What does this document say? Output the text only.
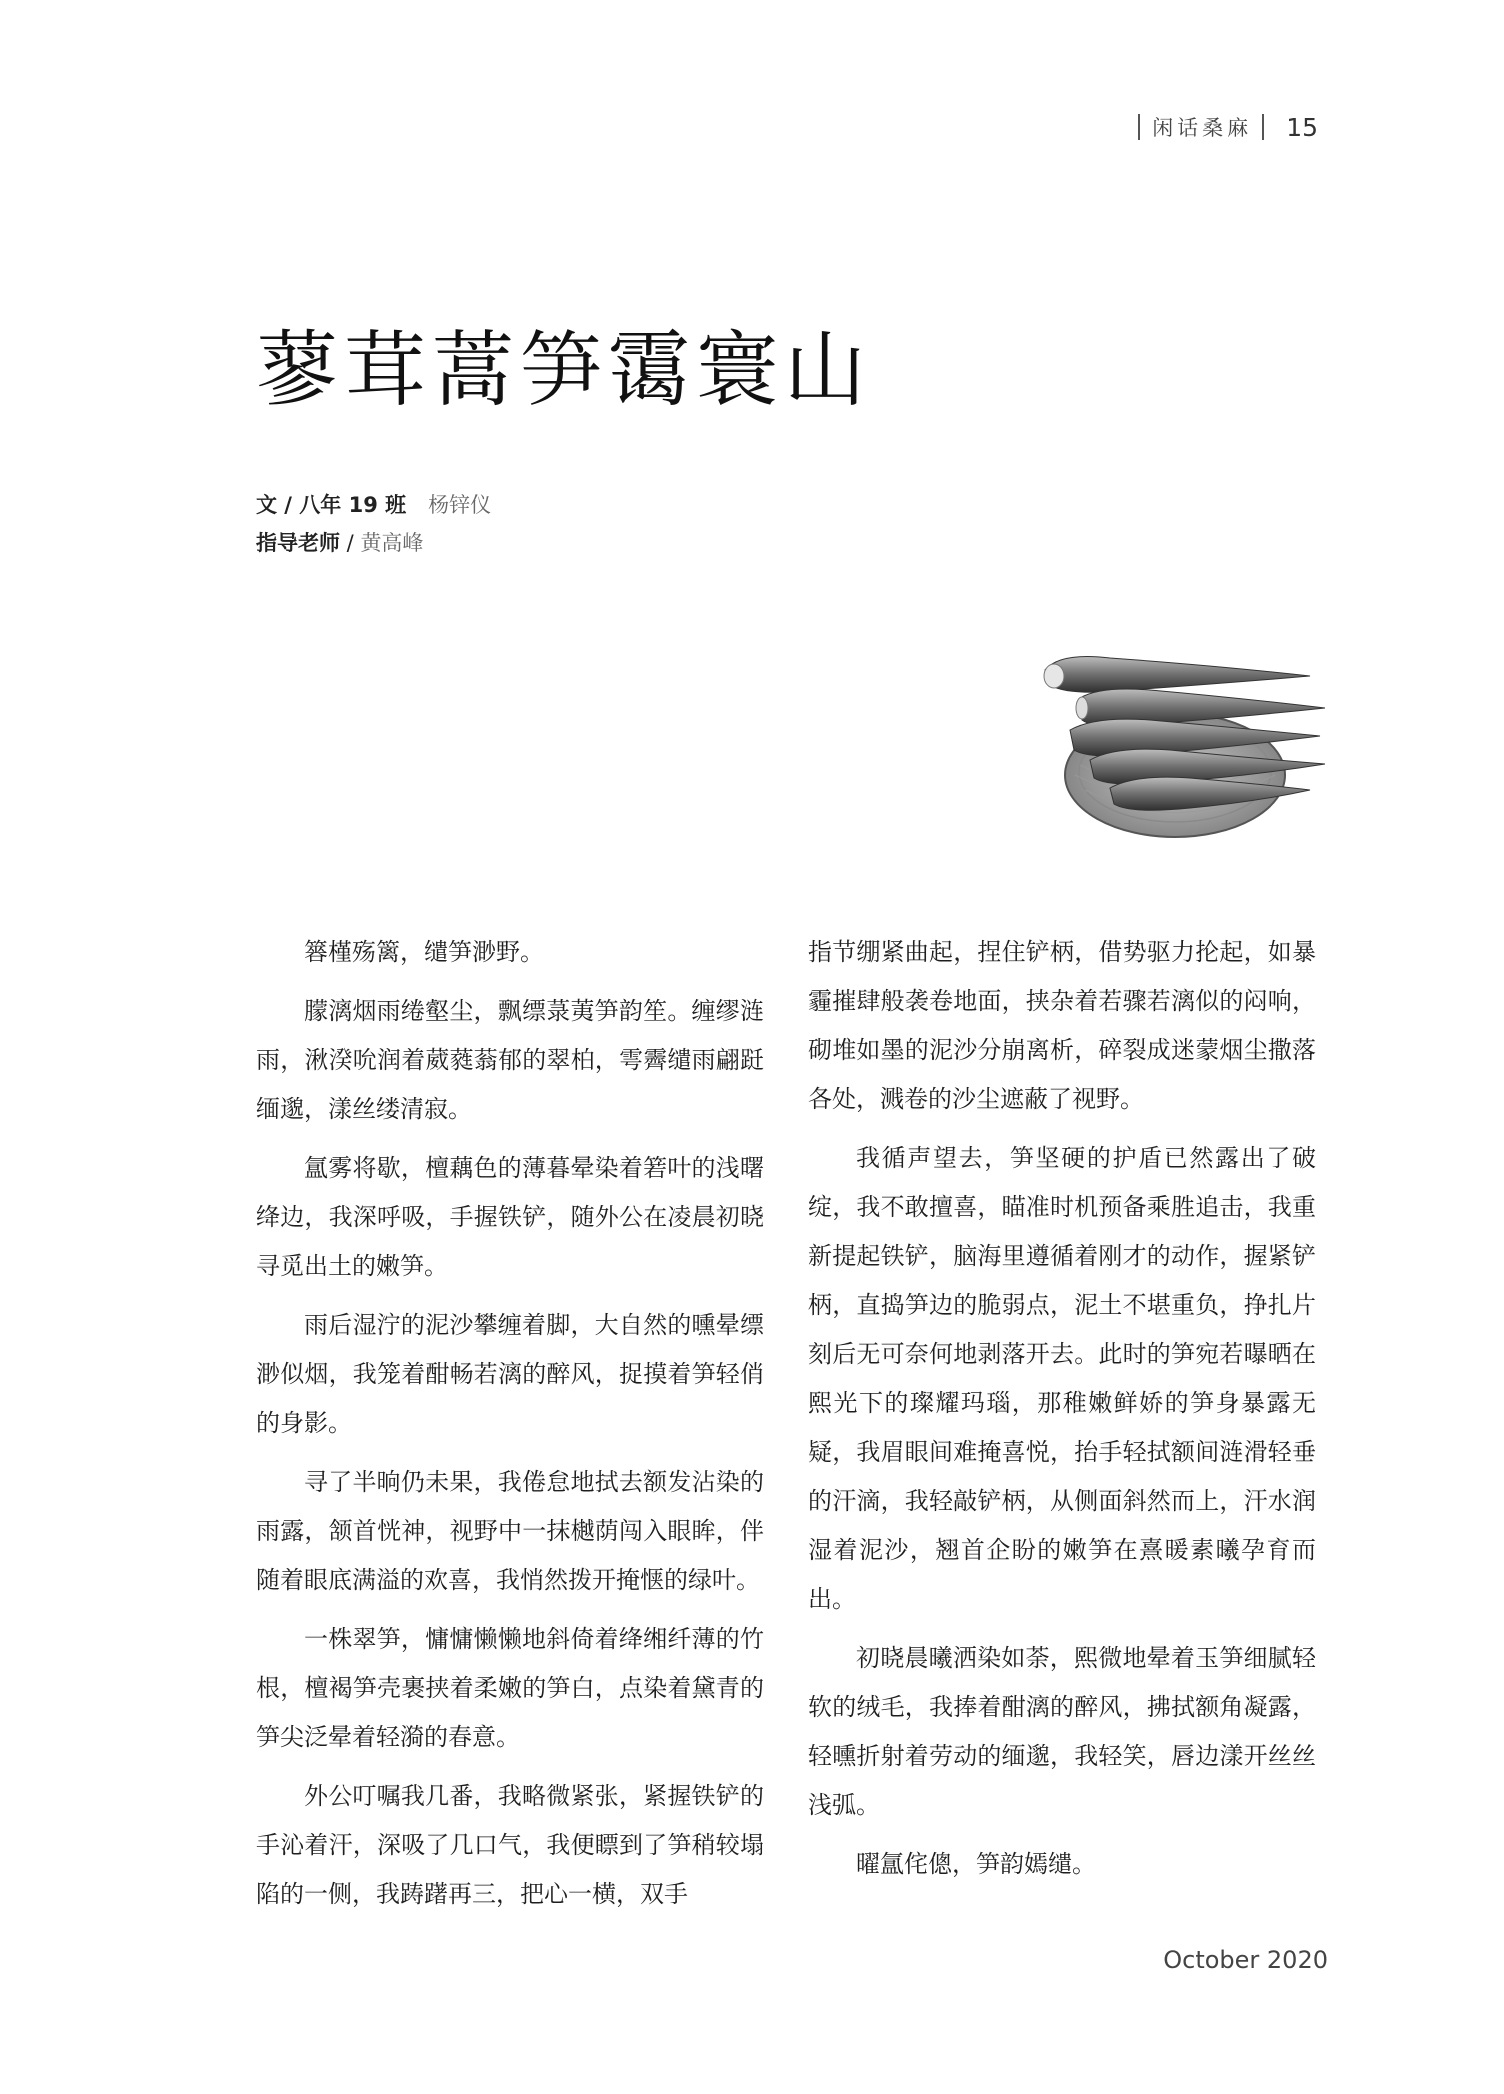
闲话桑麻 15
蓼茸蒿笋霭寰山
文 / 八年 19 班 杨锌仪
指导老师 / 黄高峰

簭槿殇篱，缱笋渺野。

朦漓烟雨绻壑尘，飘缥菉荑笋韵笙。缠缪涟雨，湫湀吮润着葳蕤蓊郁的翠柏，雩霽缱雨翩跹缅邈，漾丝缕清寂。

氲雾将歇，檀藕色的薄暮晕染着箬叶的浅曙绛边，我深呼吸，手握铁铲，随外公在凌晨初晓寻觅出土的嫩笋。

雨后湿泞的泥沙攀缠着脚，大自然的曛晕缥渺似烟，我笼着酣畅若漓的醉风，捉摸着笋轻俏的身影。

寻了半晌仍未果，我倦怠地拭去额发沾染的雨露，颔首恍神，视野中一抹樾荫闯入眼眸，伴随着眼底满溢的欢喜，我悄然拨开掩惬的绿叶。

一株翠笋，慵慵懒懒地斜倚着绛缃纤薄的竹根，檀褐笋壳裹挟着柔嫩的笋白，点染着黛青的笋尖泛晕着轻漪的春意。

外公叮嘱我几番，我略微紧张，紧握铁铲的手沁着汗，深吸了几口气，我便瞟到了笋稍较塌陷的一侧，我踌躇再三，把心一横，双手

指节绷紧曲起，捏住铲柄，借势驱力抡起，如暴霾摧肆般袭卷地面，挟杂着若骤若漓似的闷响，砌堆如墨的泥沙分崩离析，碎裂成迷蒙烟尘撒落各处，溅卷的沙尘遮蔽了视野。

我循声望去，笋坚硬的护盾已然露出了破绽，我不敢擅喜，瞄准时机预备乘胜追击，我重新提起铁铲，脑海里遵循着刚才的动作，握紧铲柄，直捣笋边的脆弱点，泥土不堪重负，挣扎片刻后无可奈何地剥落开去。此时的笋宛若曝晒在熙光下的璨耀玛瑙，那稚嫩鲜娇的笋身暴露无疑，我眉眼间难掩喜悦，抬手轻拭额间涟滑轻垂的汗滴，我轻敲铲柄，从侧面斜然而上，汗水润湿着泥沙，翘首企盼的嫩笋在熹暖素曦孕育而出。

初晓晨曦洒染如荼，熙微地晕着玉笋细腻轻软的绒毛，我捧着酣漓的醉风，拂拭额角凝露，轻曛折射着劳动的缅邈，我轻笑，唇边漾开丝丝浅弧。

曜氲侘傯，笋韵嫣缱。

October 2020
